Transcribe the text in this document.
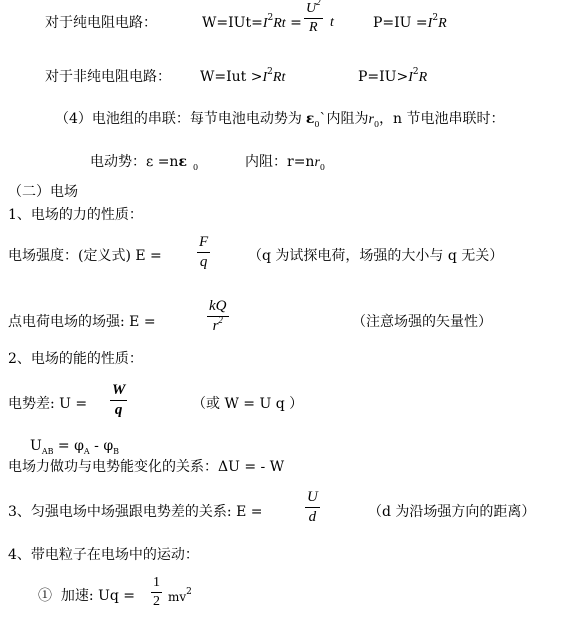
对于纯电阻电路：	$W=IUt=I^2Rt = \frac{U^2}{R}$ t	$P=IU =I^2R$
对于非纯电阻电路： $W=Iut >I^2Rt$	$P=IU>I^2R$
（4）电池组的串联：每节电池电动势为 $\varepsilon_0`$内阻为$r_0$，n 节电池串联时：
电动势：ε =nε $_0$	内阻：$r=nr_0$
（二）电场
1、电场的力的性质：
电场强度：(定义式) $E = \frac{F}{q}$	（q 为试探电荷，场强的大小与 q 无关）
点电荷电场的场强: E =	$\frac{kQ}{r^2}$	（注意场强的矢量性）
2、电场的能的性质：
电势差: $U = \frac{W}{q}$	（或 W = U q ）
$U_{AB} = \varphi_A - \varphi_B$
电场力做功与电势能变化的关系：ΔU = - W
3、匀强电场中场强跟电势差的关系: E =	$\frac{U}{d}$	（d 为沿场强方向的距离）
4、带电粒子在电场中的运动：
① 加速: $Uq = \frac{1}{2} mv^2$
